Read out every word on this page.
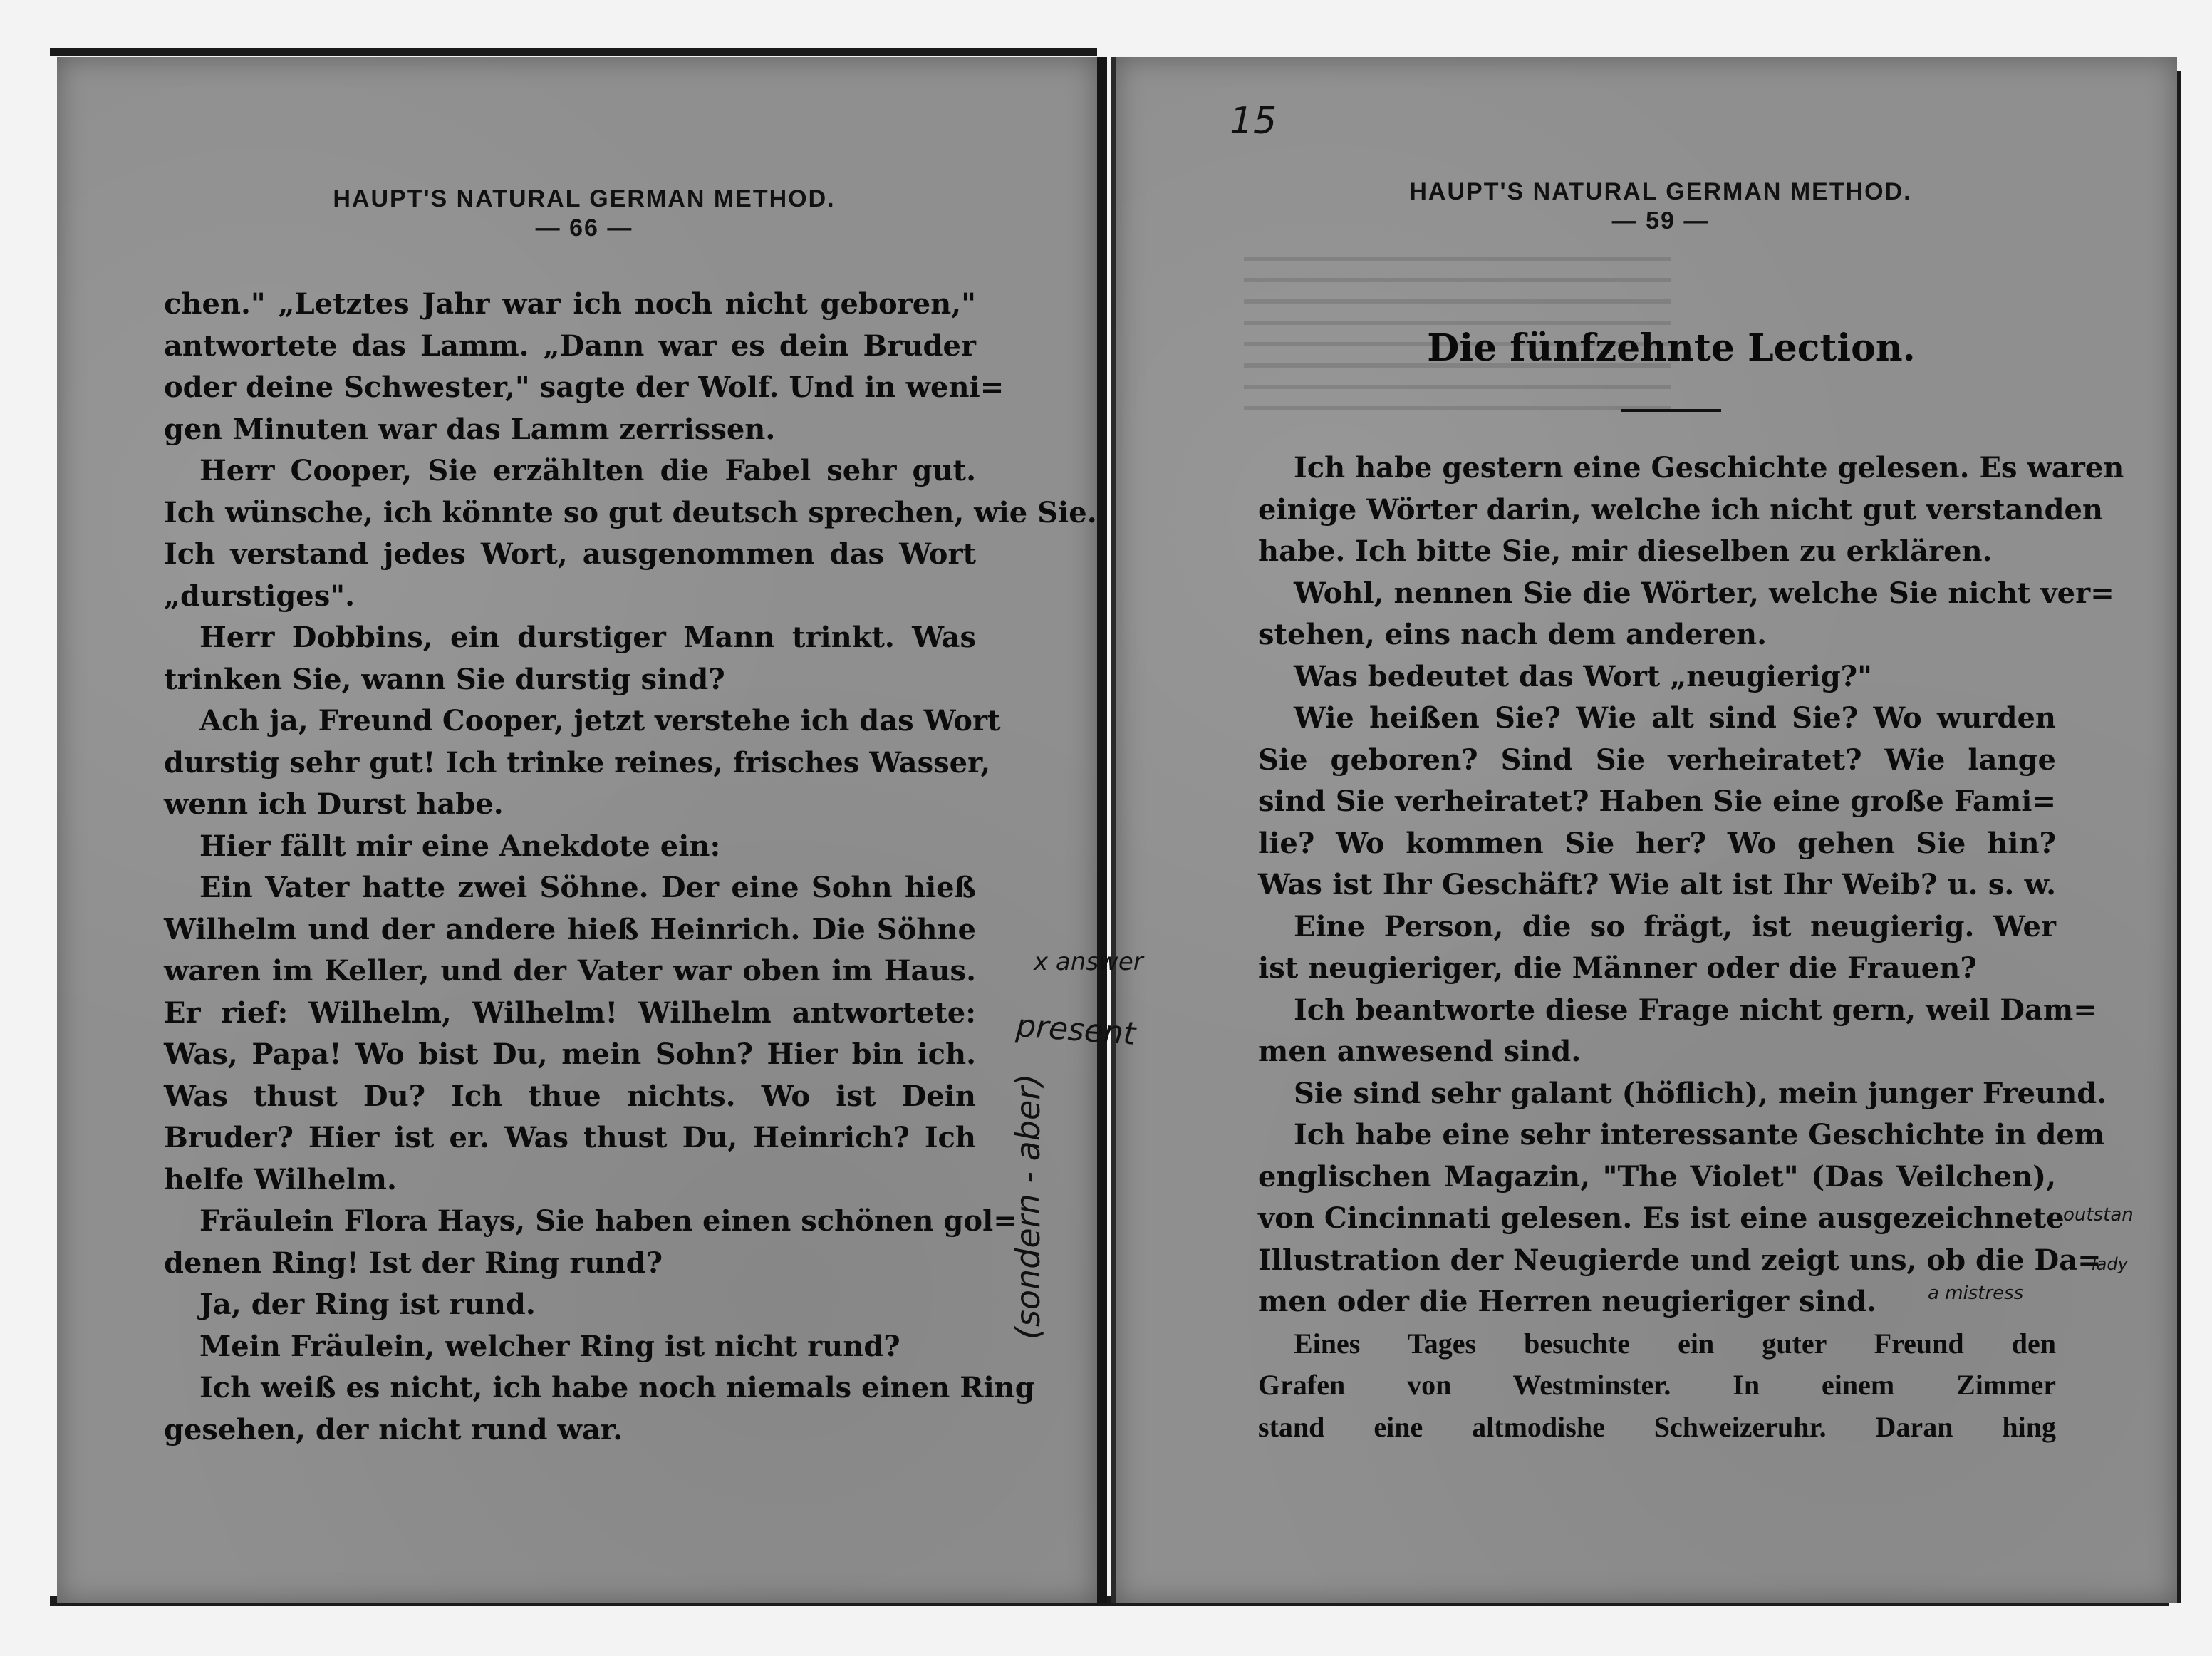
HAUPT'S NATURAL GERMAN METHOD.
— 66 —
chen." „Letztes Jahr war ich noch nicht geboren,"
antwortete das Lamm. „Dann war es dein Bruder
oder deine Schwester," sagte der Wolf. Und in weni=
gen Minuten war das Lamm zerrissen.
Herr Cooper, Sie erzählten die Fabel sehr gut.
Ich wünsche, ich könnte so gut deutsch sprechen, wie Sie.
Ich verstand jedes Wort, ausgenommen das Wort
„durstiges".
Herr Dobbins, ein durstiger Mann trinkt. Was
trinken Sie, wann Sie durstig sind?
Ach ja, Freund Cooper, jetzt verstehe ich das Wort
durstig sehr gut! Ich trinke reines, frisches Wasser,
wenn ich Durst habe.
Hier fällt mir eine Anekdote ein:
Ein Vater hatte zwei Söhne. Der eine Sohn hieß
Wilhelm und der andere hieß Heinrich. Die Söhne
waren im Keller, und der Vater war oben im Haus.
Er rief: Wilhelm, Wilhelm! Wilhelm antwortete:
Was, Papa! Wo bist Du, mein Sohn? Hier bin ich.
Was thust Du? Ich thue nichts. Wo ist Dein
Bruder? Hier ist er. Was thust Du, Heinrich? Ich
helfe Wilhelm.
Fräulein Flora Hays, Sie haben einen schönen gol=
denen Ring! Ist der Ring rund?
Ja, der Ring ist rund.
Mein Fräulein, welcher Ring ist nicht rund?
Ich weiß es nicht, ich habe noch niemals einen Ring
gesehen, der nicht rund war.
15
HAUPT'S NATURAL GERMAN METHOD.
— 59 —
Die fünfzehnte Lection.
Ich habe gestern eine Geschichte gelesen. Es waren
einige Wörter darin, welche ich nicht gut verstanden
habe. Ich bitte Sie, mir dieselben zu erklären.
Wohl, nennen Sie die Wörter, welche Sie nicht ver=
stehen, eins nach dem anderen.
Was bedeutet das Wort „neugierig?"
Wie heißen Sie? Wie alt sind Sie? Wo wurden
Sie geboren? Sind Sie verheiratet? Wie lange
sind Sie verheiratet? Haben Sie eine große Fami=
lie? Wo kommen Sie her? Wo gehen Sie hin?
Was ist Ihr Geschäft? Wie alt ist Ihr Weib? u. s. w.
Eine Person, die so frägt, ist neugierig. Wer
ist neugieriger, die Männer oder die Frauen?
Ich beantworte diese Frage nicht gern, weil Dam=
men anwesend sind.
Sie sind sehr galant (höflich), mein junger Freund.
Ich habe eine sehr interessante Geschichte in dem
englischen Magazin, "The Violet" (Das Veilchen),
von Cincinnati gelesen. Es ist eine ausgezeichnete
Illustration der Neugierde und zeigt uns, ob die Da=
men oder die Herren neugieriger sind.
Eines Tages besuchte ein guter Freund den
Grafen von Westminster. In einem Zimmer
stand eine altmodishe Schweizeruhr. Daran hing
x answer
present
(sondern - aber)	outstan
lady
a mistress
